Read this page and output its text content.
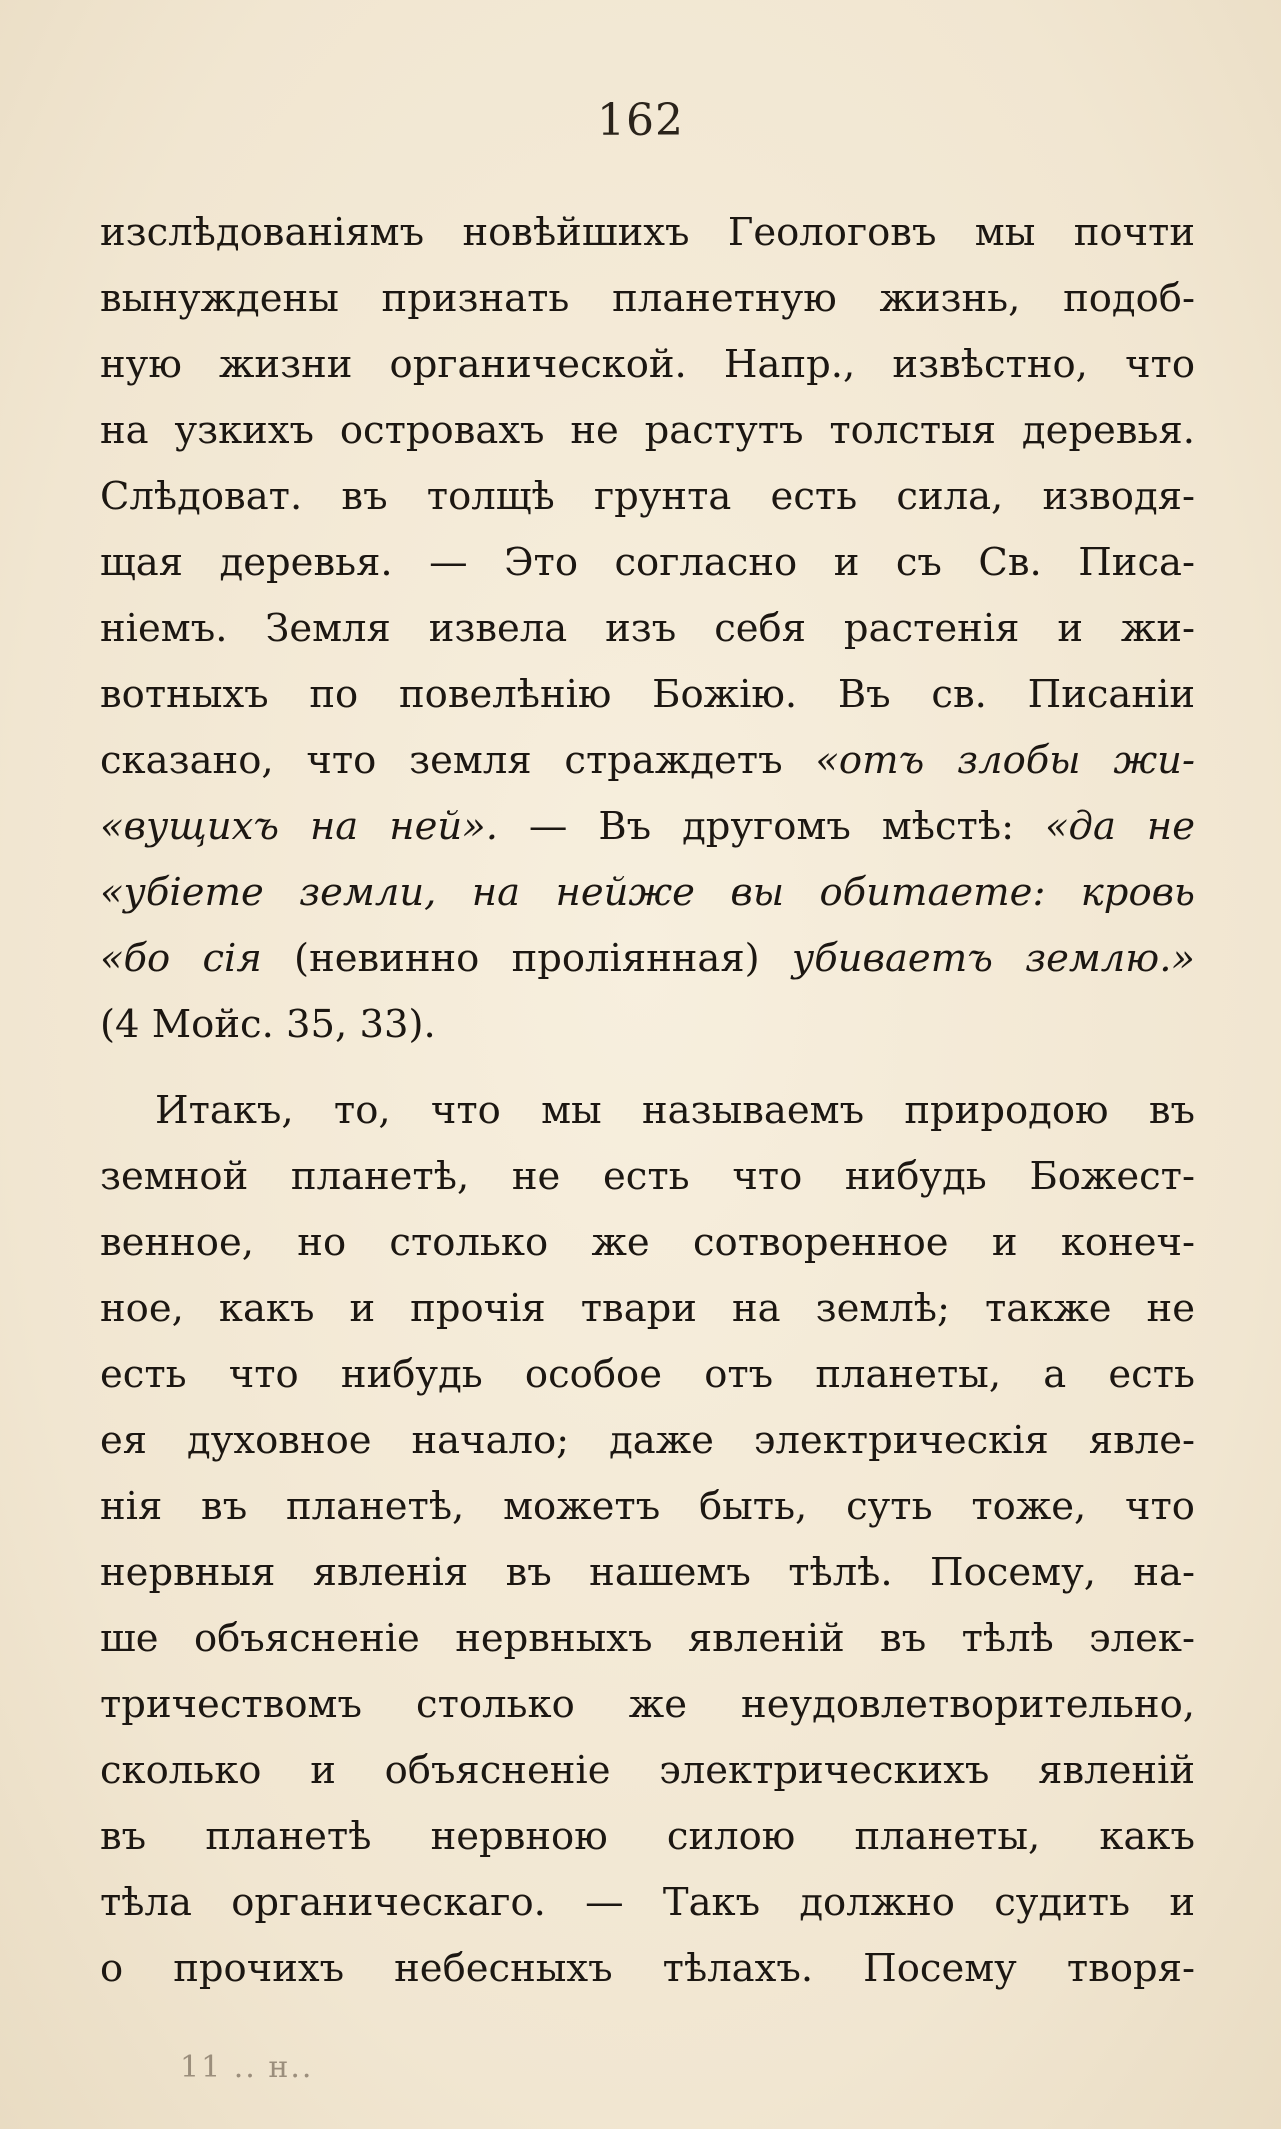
162
изслѣдованiямъ новѣйшихъ Геологовъ мы почти
вынуждены признать планетную жизнь, подоб-
ную жизни органической. Напр., извѣстно, что
на узкихъ островахъ не растутъ толстыя деревья.
Слѣдоват. въ толщѣ грунта есть сила, изводя-
щая деревья. — Это согласно и съ Св. Писа-
нiемъ. Земля извела изъ себя растенiя и жи-
вотныхъ по повелѣнiю Божiю. Въ св. Писанiи
сказано, что земля страждетъ «отъ злобы жи-
«вущихъ на ней». — Въ другомъ мѣстѣ: «да не
«убiете земли, на нейже вы обитаете: кровь
«бо сiя (невинно пролiянная) убиваетъ землю.»
(4 Мойс. 35, 33).
Итакъ, то, что мы называемъ природою въ
земной планетѣ, не есть что нибудь Божест-
венное, но столько же сотворенное и конеч-
ное, какъ и прочiя твари на землѣ; также не
есть что нибудь особое отъ планеты, а есть
ея духовное начало; даже электрическiя явле-
нiя въ планетѣ, можетъ быть, суть тоже, что
нервныя явленiя въ нашемъ тѣлѣ. Посему, на-
ше объясненiе нервныхъ явленiй въ тѣлѣ элек-
тричествомъ столько же неудовлетворительно,
сколько и объясненiе электрическихъ явленiй
въ планетѣ нервною силою планеты, какъ
тѣла органическаго. — Такъ должно судить и
о прочихъ небесныхъ тѣлахъ. Посему творя-
11 .. н..
